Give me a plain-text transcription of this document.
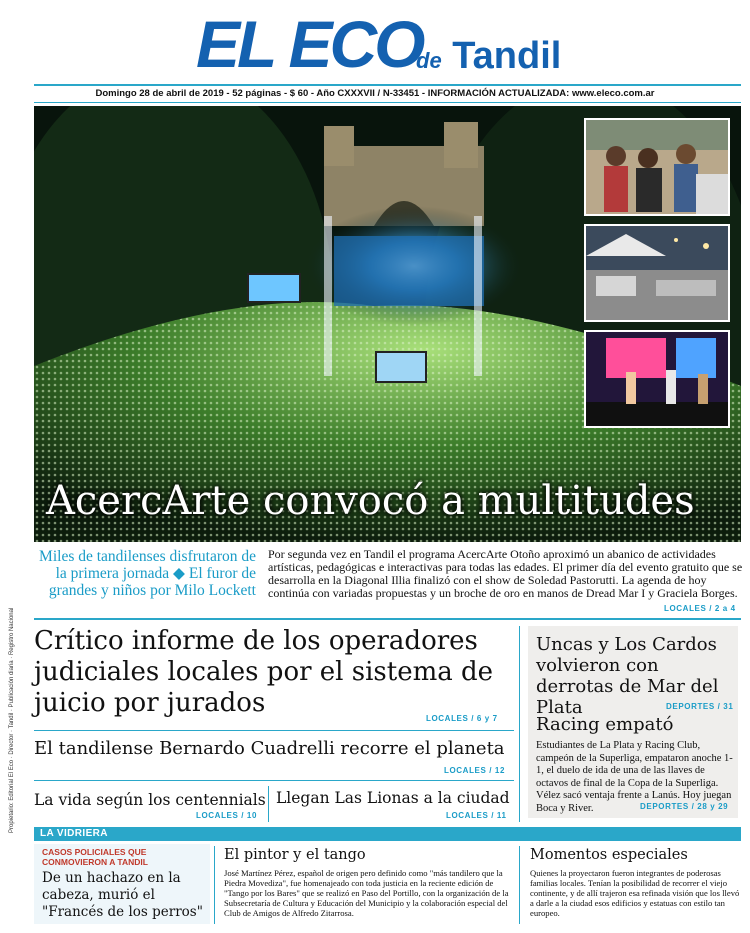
EL ECO
de Tandil
Domingo 28 de abril de 2019 - 52 páginas - $ 60 - Año CXXXVII / N-33451 - INFORMACIÓN ACTUALIZADA: www.eleco.com.ar
AcercArte convocó a multitudes
Propietario: Editorial El Eco · Director · Tandil · Publicación diaria · Registro Nacional
Miles de tandilenses disfrutaron de la primera jornada ◆ El furor de grandes y niños por Milo Lockett
Por segunda vez en Tandil el programa AcercArte Otoño aproximó un abanico de actividades artísticas, pedagógicas e interactivas para todas las edades. El primer día del evento gratuito que se desarrolla en la Diagonal Illia finalizó con el show de Soledad Pastorutti. La agenda de hoy continúa con variadas propuestas y un broche de oro en manos de Dread Mar I y Graciela Borges.
LOCALES / 2 a 4
Crítico informe de los operadores judiciales locales por el sistema de juicio por jurados
LOCALES / 6 y 7
El tandilense Bernardo Cuadrelli recorre el planeta
LOCALES / 12
La vida según los centennials
LOCALES / 10
Llegan Las Lionas a la ciudad
LOCALES / 11
Uncas y Los Cardos volvieron con derrotas de Mar del Plata	DEPORTES / 31
Racing empató
Estudiantes de La Plata y Racing Club, campeón de la Superliga, empataron anoche 1-1, el duelo de ida de una de las llaves de octavos de final de la Copa de la Superliga. Vélez sacó ventaja frente a Lanús. Hoy juegan Boca y River.	DEPORTES / 28 y 29
LA VIDRIERA
CASOS POLICIALES QUE CONMOVIERON A TANDIL
De un hachazo en la cabeza, murió el "Francés de los perros"
El pintor y el tango
José Martínez Pérez, español de origen pero definido como "más tandilero que la Piedra Movediza", fue homenajeado con toda justicia en la reciente edición de "Tango por los Bares" que se realizó en Paso del Portillo, con la organización de la Subsecretaría de Cultura y Educación del Municipio y la colaboración especial del Club de Amigos de Alfredo Zitarrosa.
Momentos especiales
Quienes la proyectaron fueron integrantes de poderosas familias locales. Tenían la posibilidad de recorrer el viejo continente, y de allí trajeron esa refinada visión que los llevó a darle a la ciudad esos edificios y estatuas con estilo tan europeo.
